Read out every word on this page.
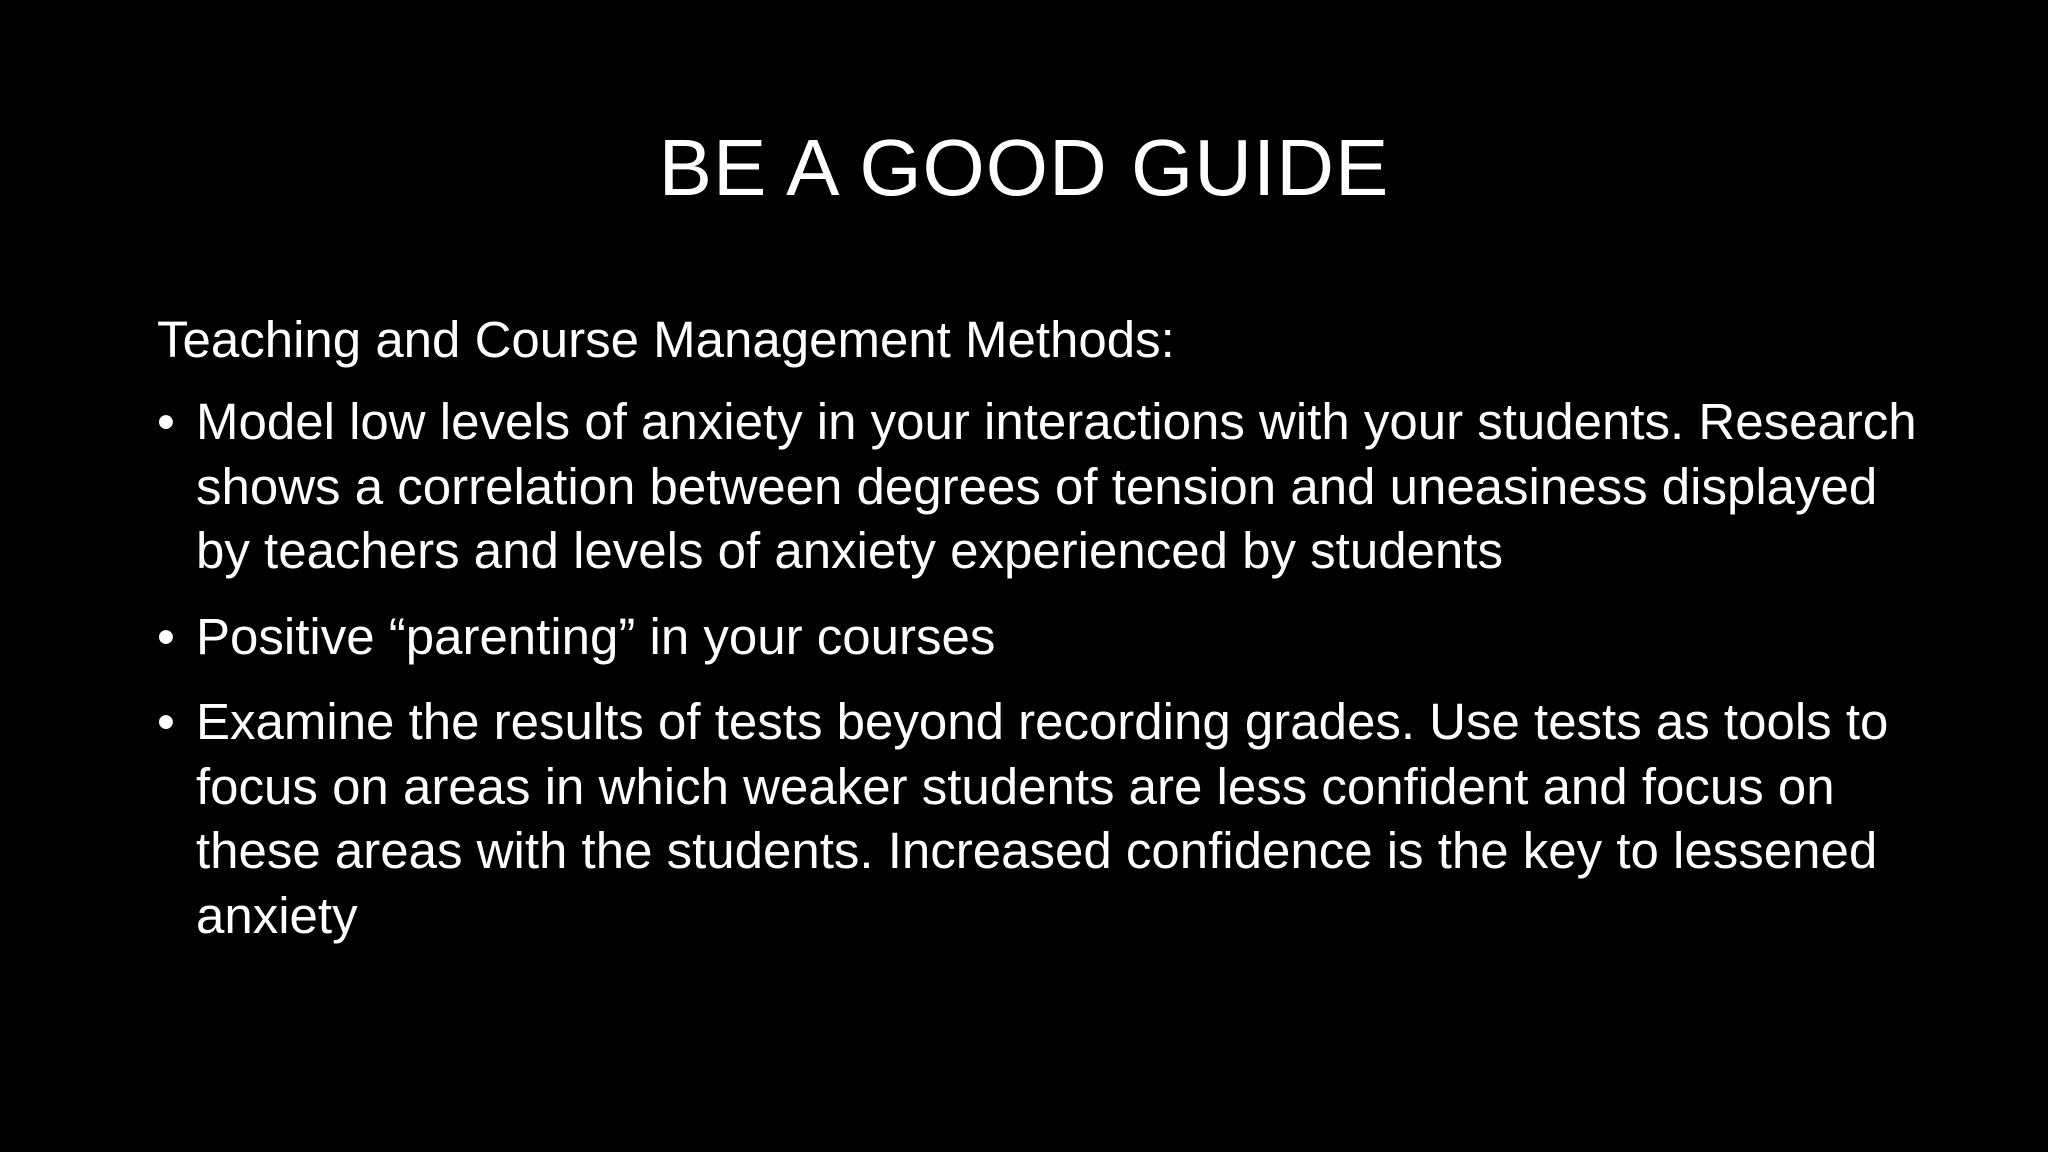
BE A GOOD GUIDE

Teaching and Course Management Methods:

• Model low levels of anxiety in your interactions with your students. Research shows a correlation between degrees of tension and uneasiness displayed by teachers and levels of anxiety experienced by students
• Positive “parenting” in your courses
• Examine the results of tests beyond recording grades. Use tests as tools to focus on areas in which weaker students are less confident and focus on these areas with the students. Increased confidence is the key to lessened anxiety
